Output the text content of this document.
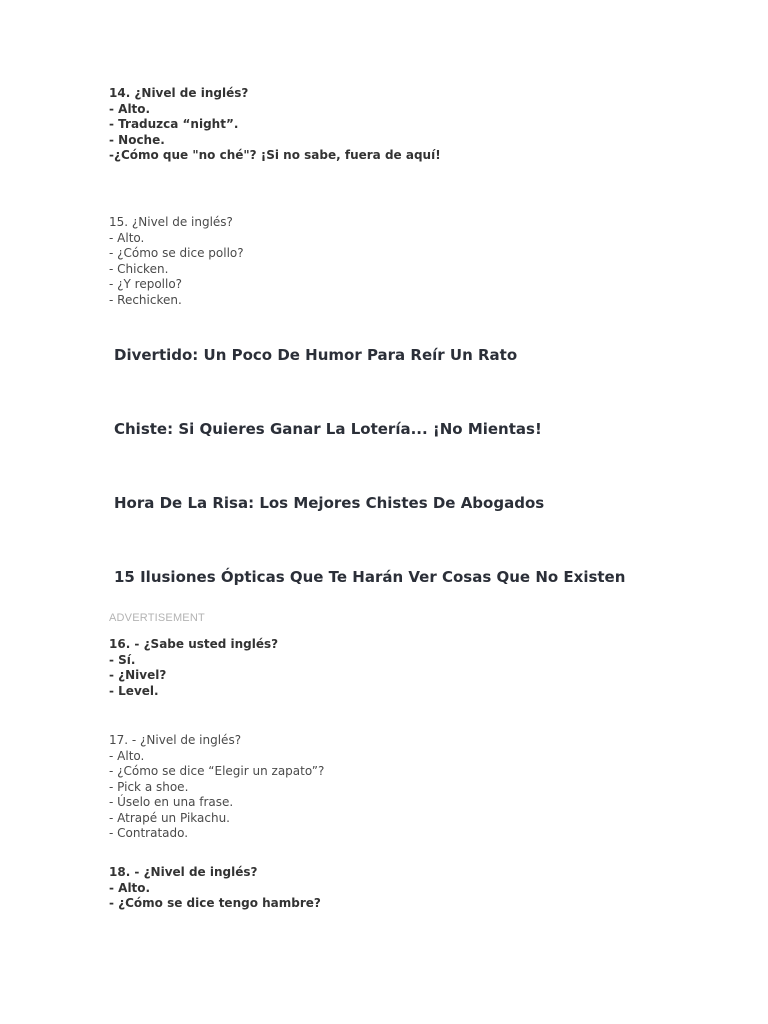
14. ¿Nivel de inglés?
- Alto.
- Traduzca “night”.
- Noche.
-¿Cómo que "no ché"? ¡Si no sabe, fuera de aquí!
15. ¿Nivel de inglés?
- Alto.
- ¿Cómo se dice pollo?
- Chicken.
- ¿Y repollo?
- Rechicken.

Divertido: Un Poco De Humor Para Reír Un Rato

Chiste: Si Quieres Ganar La Lotería... ¡No Mientas!

Hora De La Risa: Los Mejores Chistes De Abogados

15 Ilusiones Ópticas Que Te Harán Ver Cosas Que No Existen

ADVERTISEMENT
16. - ¿Sabe usted inglés?
- Sí.
- ¿Nivel?
- Level.
17. - ¿Nivel de inglés?
- Alto.
- ¿Cómo se dice “Elegir un zapato”?
- Pick a shoe.
- Úselo en una frase.
- Atrapé un Pikachu.
- Contratado.
18. - ¿Nivel de inglés?
- Alto.
- ¿Cómo se dice tengo hambre?
